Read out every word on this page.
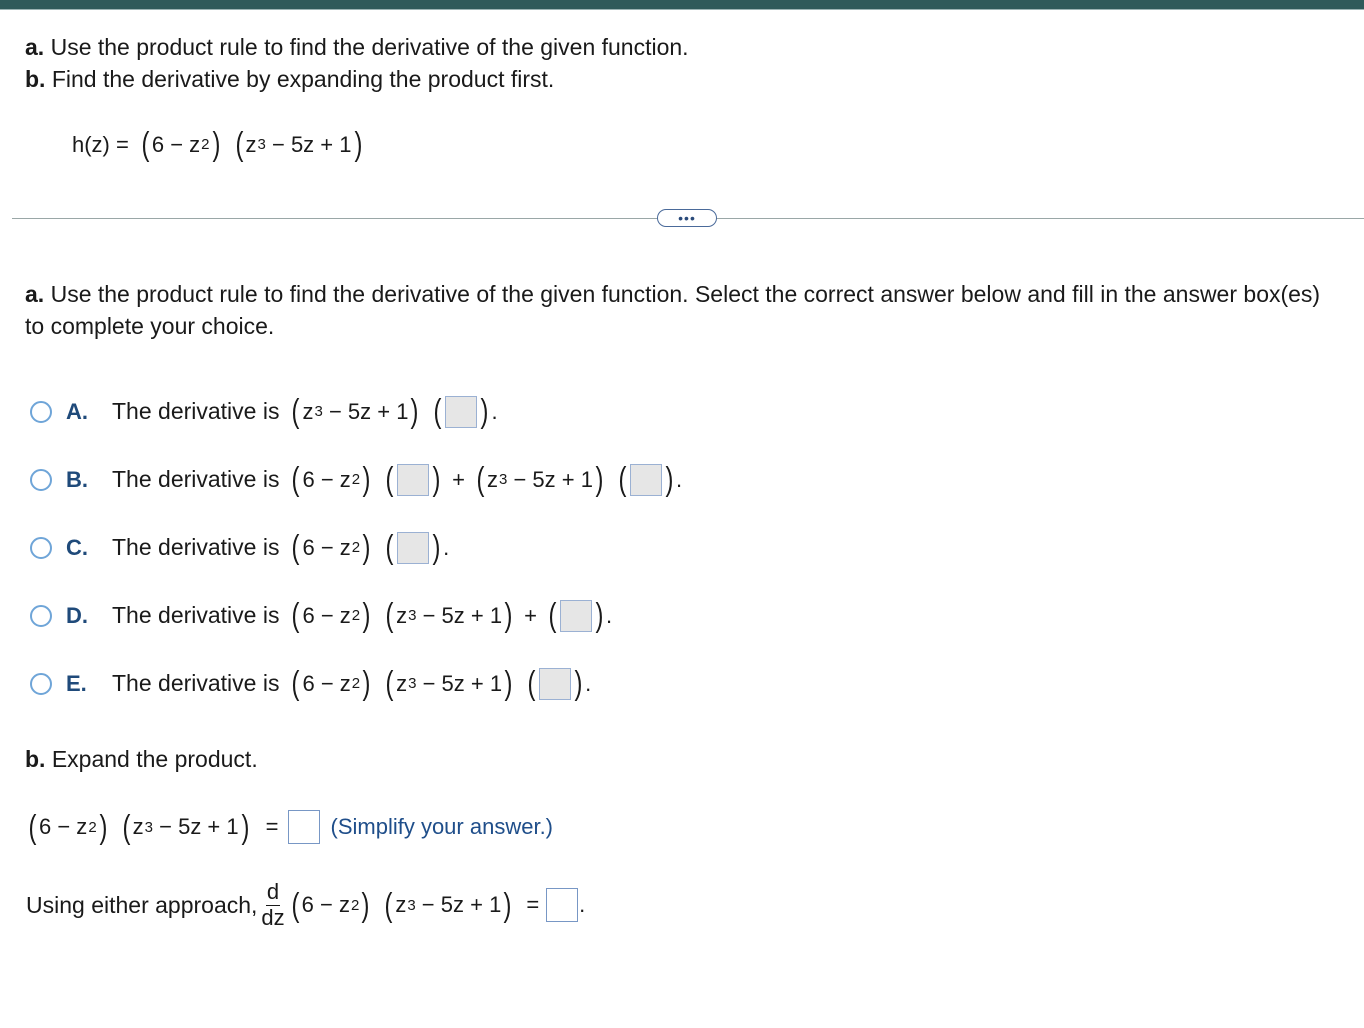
a. Use the product rule to find the derivative of the given function.
b. Find the derivative by expanding the product first.
h(z) = ( 6 − z 2 ) ( z 3
− 5z + 1 )
•••
a. Use the product rule to find the derivative of the given function. Select the correct answer below and fill in the answer box(es) to complete your choice.
A.	The derivative is ( z 3
− 5z + 1 ) ( ) .
B.	The derivative is ( 6 − z 2 ) ( ) + ( z 3
− 5z + 1 ) ( ) .
C.	The derivative is ( 6 − z 2 ) ( ) .
D.	The derivative is ( 6 − z 2 ) ( z 3
− 5z + 1 ) + ( ) .
E.	The derivative is ( 6 − z 2 ) ( z 3
− 5z + 1 ) ( ) .
b. Expand the product.
( 6 − z 2 ) ( z 3
− 5z + 1 ) = (Simplify your answer.)
Using either approach, $\frac{d}{dz}$ ( 6 − z 2 ) ( z 3
− 5z + 1 ) = .
